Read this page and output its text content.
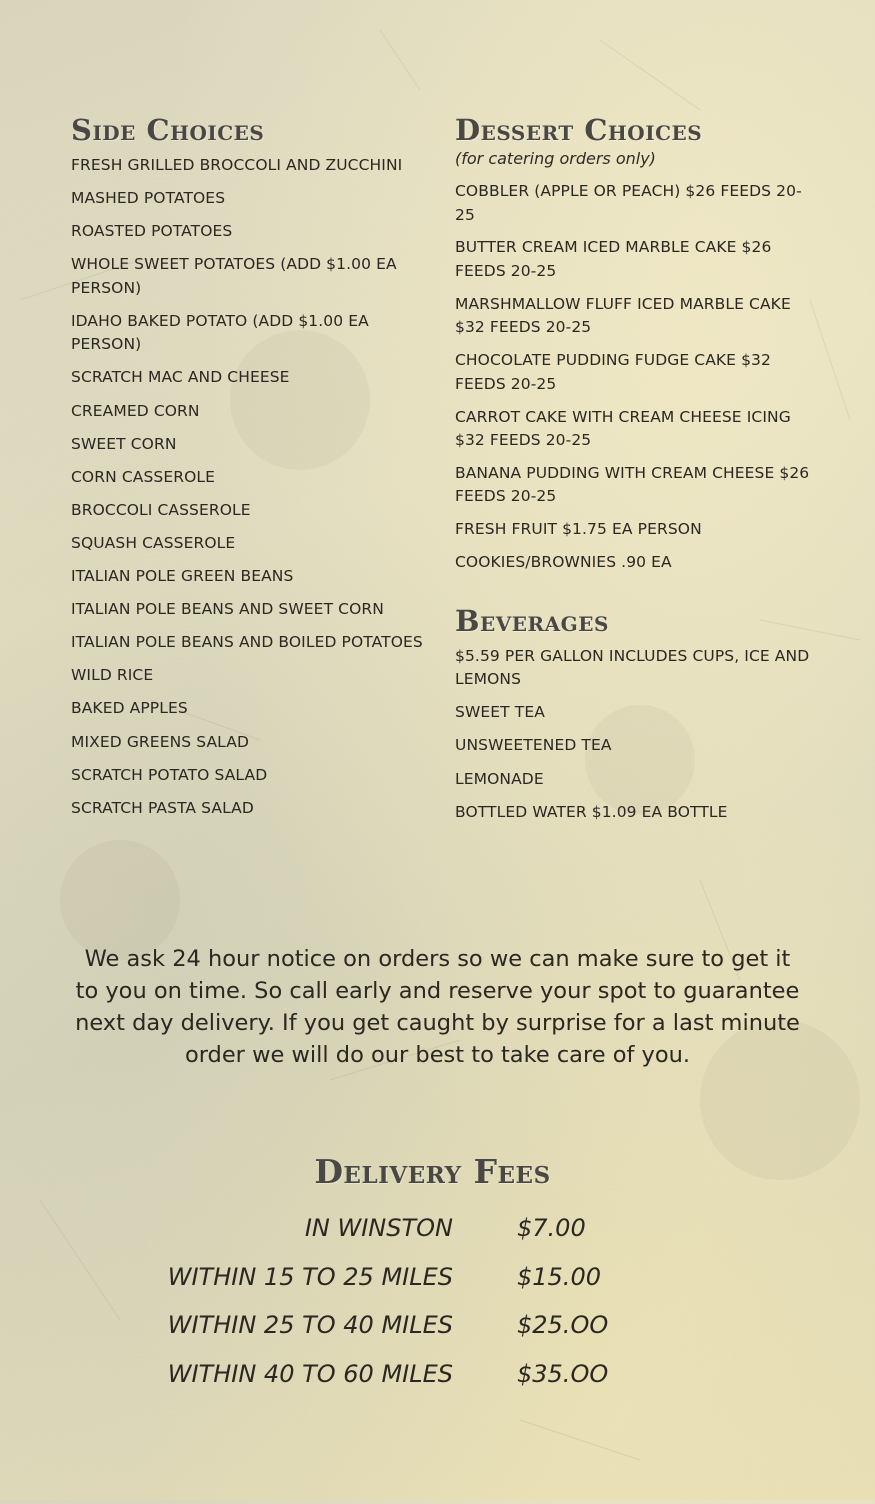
Side Choices
FRESH GRILLED BROCCOLI AND ZUCCHINI
MASHED POTATOES
ROASTED POTATOES
WHOLE SWEET POTATOES (ADD $1.00 EA PERSON)
IDAHO BAKED POTATO (ADD $1.00 EA PERSON)
SCRATCH MAC AND CHEESE
CREAMED CORN
SWEET CORN
CORN CASSEROLE
BROCCOLI CASSEROLE
SQUASH CASSEROLE
ITALIAN POLE GREEN BEANS
ITALIAN POLE BEANS AND SWEET CORN
ITALIAN POLE BEANS AND BOILED POTATOES
WILD RICE
BAKED APPLES
MIXED GREENS SALAD
SCRATCH POTATO SALAD
SCRATCH PASTA SALAD
Dessert Choices

(for catering orders only)

COBBLER (APPLE OR PEACH) $26 FEEDS 20-25
BUTTER CREAM ICED MARBLE CAKE $26 FEEDS 20-25
MARSHMALLOW FLUFF ICED MARBLE CAKE $32 FEEDS 20-25
CHOCOLATE PUDDING FUDGE CAKE $32 FEEDS 20-25
CARROT CAKE WITH CREAM CHEESE ICING $32 FEEDS 20-25
BANANA PUDDING WITH CREAM CHEESE $26 FEEDS 20-25
FRESH FRUIT $1.75 EA PERSON
COOKIES/BROWNIES .90 EA
Beverages
$5.59 PER GALLON INCLUDES CUPS, ICE AND LEMONS
SWEET TEA
UNSWEETENED TEA
LEMONADE
BOTTLED WATER $1.09 EA BOTTLE

We ask 24 hour notice on orders so we can make sure to get it to you on time. So call early and reserve your spot to guarantee next day delivery. If you get caught by surprise for a last minute order we will do our best to take care of you.

Delivery Fees
IN WINSTON	$7.00
WITHIN 15 TO 25 MILES	$15.00
WITHIN 25 TO 40 MILES	$25.OO
WITHIN 40 TO 60 MILES	$35.OO
